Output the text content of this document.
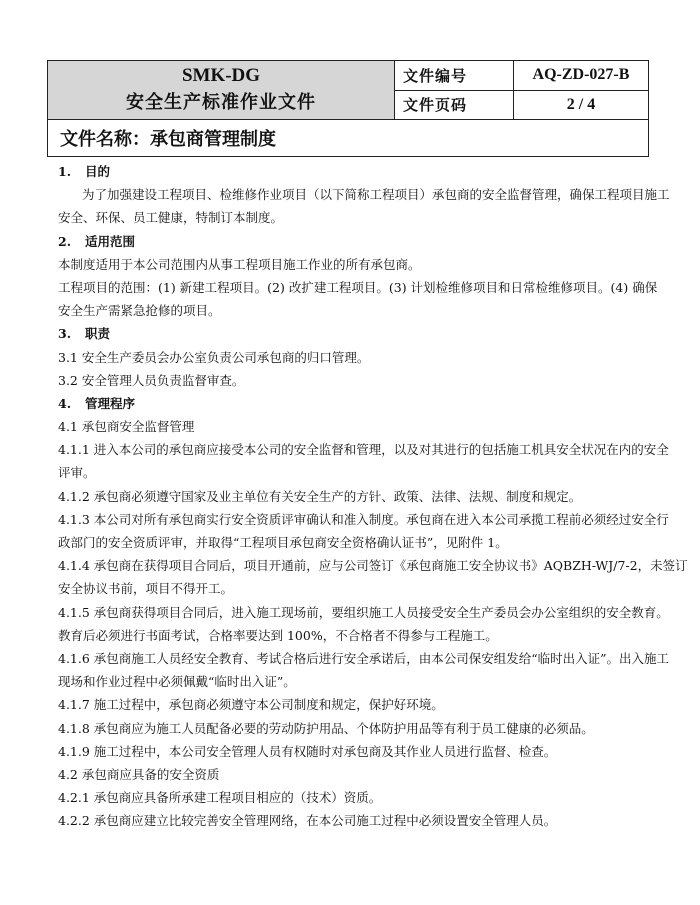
SMK-DG
安全生产标准作业文件	文件编号	AQ-ZD-027-B
	文件页码	2 / 4
文件名称：承包商管理制度		
1. 目的
为了加强建设工程项目、检维修作业项目（以下简称工程项目）承包商的安全监督管理，确保工程项目施工
安全、环保、员工健康，特制订本制度。
2. 适用范围
本制度适用于本公司范围内从事工程项目施工作业的所有承包商。
工程项目的范围：(1) 新建工程项目。(2) 改扩建工程项目。(3) 计划检维修项目和日常检维修项目。(4) 确保
安全生产需紧急抢修的项目。
3. 职责
3.1 安全生产委员会办公室负责公司承包商的归口管理。
3.2 安全管理人员负责监督审查。
4. 管理程序
4.1 承包商安全监督管理
4.1.1 进入本公司的承包商应接受本公司的安全监督和管理，以及对其进行的包括施工机具安全状况在内的安全
评审。
4.1.2 承包商必须遵守国家及业主单位有关安全生产的方针、政策、法律、法规、制度和规定。
4.1.3 本公司对所有承包商实行安全资质评审确认和准入制度。承包商在进入本公司承揽工程前必须经过安全行
政部门的安全资质评审，并取得“工程项目承包商安全资格确认证书”，见附件 1。
4.1.4 承包商在获得项目合同后，项目开通前，应与公司签订《承包商施工安全协议书》AQBZH-WJ/7-2，未签订
安全协议书前，项目不得开工。
4.1.5 承包商获得项目合同后，进入施工现场前，要组织施工人员接受安全生产委员会办公室组织的安全教育。
教育后必须进行书面考试，合格率要达到 100%，不合格者不得参与工程施工。
4.1.6 承包商施工人员经安全教育、考试合格后进行安全承诺后，由本公司保安组发给“临时出入证”。出入施工
现场和作业过程中必须佩戴“临时出入证”。
4.1.7 施工过程中，承包商必须遵守本公司制度和规定，保护好环境。
4.1.8 承包商应为施工人员配备必要的劳动防护用品、个体防护用品等有利于员工健康的必须品。
4.1.9 施工过程中，本公司安全管理人员有权随时对承包商及其作业人员进行监督、检查。
4.2 承包商应具备的安全资质
4.2.1 承包商应具备所承建工程项目相应的（技术）资质。
4.2.2 承包商应建立比较完善安全管理网络，在本公司施工过程中必须设置安全管理人员。
